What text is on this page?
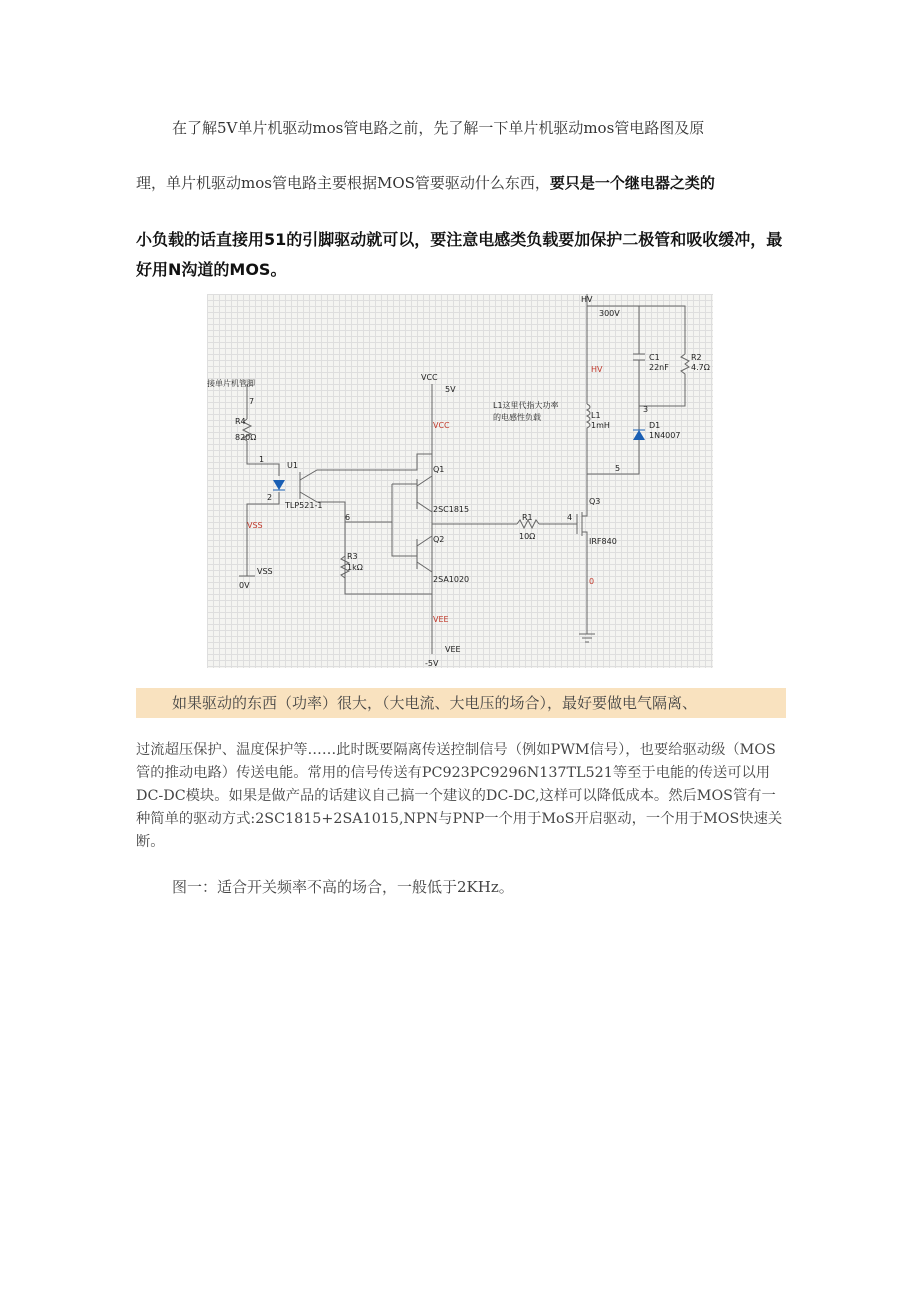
在了解5V单片机驱动mos管电路之前，先了解一下单片机驱动mos管电路图及原

理，单片机驱动mos管电路主要根据MOS管要驱动什么东西，要只是一个继电器之类的

小负载的话直接用51的引脚驱动就可以，要注意电感类负载要加保护二极管和吸收缓冲，最好用N沟道的MOS。

接单片机管脚
7
R4
820Ω
1
U1
2
TLP521-1
VSS
VSS
0V
6
R3
1kΩ
VCC
5V
VCC
Q1
2SC1815
Q2
2SA1020
VEE
VEE
-5V
R1
10Ω
4
Q3
IRF840
0
HV
300V
HV
L1
1mH
L1这里代指大功率
的电感性负载
C1
22nF
R2
4.7Ω
3
D1
1N4007
5
如果驱动的东西（功率）很大，（大电流、大电压的场合），最好要做电气隔离、

过流超压保护、温度保护等……此时既要隔离传送控制信号（例如PWM信号），也要给驱动级（MOS管的推动电路）传送电能。常用的信号传送有PC923PC9296N137TL521等至于电能的传送可以用DC-DC模块。如果是做产品的话建议自己搞一个建议的DC-DC,这样可以降低成本。然后MOS管有一种简单的驱动方式:2SC1815+2SA1015,NPN与PNP一个用于MoS开启驱动，一个用于MOS快速关断。

图一：适合开关频率不高的场合，一般低于2KHz。
